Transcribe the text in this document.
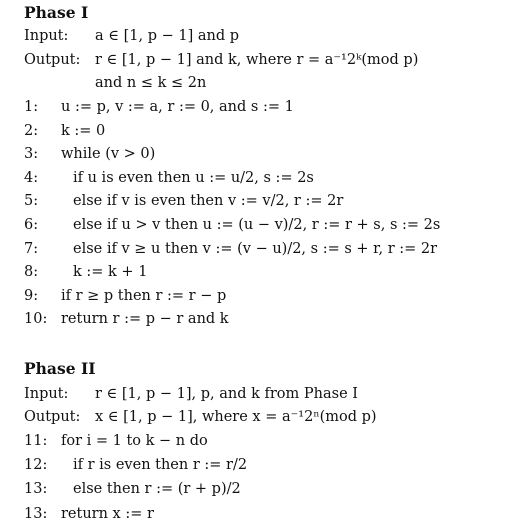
Phase I
Input: a ∈ [1, p − 1] and p
Output: r ∈ [1, p − 1] and k, where r = a⁻¹2ᵏ(mod p)
and n ≤ k ≤ 2n
1: u := p, v := a, r := 0, and s := 1
2: k := 0
3: while (v > 0)
4: if u is even then u := u/2, s := 2s
5: else if v is even then v := v/2, r := 2r
6: else if u > v then u := (u − v)/2, r := r + s, s := 2s
7: else if v ≥ u then v := (v − u)/2, s := s + r, r := 2r
8: k := k + 1
9: if r ≥ p then r := r − p
10: return r := p − r and k
Phase II
Input: r ∈ [1, p − 1], p, and k from Phase I
Output: x ∈ [1, p − 1], where x = a⁻¹2ⁿ(mod p)
11: for i = 1 to k − n do
12: if r is even then r := r/2
13: else then r := (r + p)/2
13: return x := r
